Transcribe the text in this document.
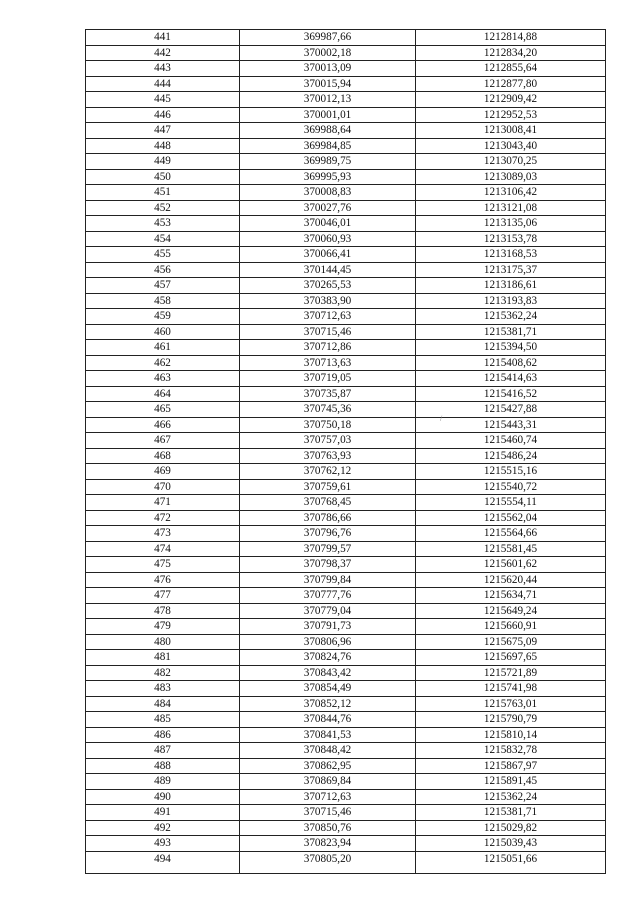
441	369987,66	1212814,88
442	370002,18	1212834,20
443	370013,09	1212855,64
444	370015,94	1212877,80
445	370012,13	1212909,42
446	370001,01	1212952,53
447	369988,64	1213008,41
448	369984,85	1213043,40
449	369989,75	1213070,25
450	369995,93	1213089,03
451	370008,83	1213106,42
452	370027,76	1213121,08
453	370046,01	1213135,06
454	370060,93	1213153,78
455	370066,41	1213168,53
456	370144,45	1213175,37
457	370265,53	1213186,61
458	370383,90	1213193,83
459	370712,63	1215362,24
460	370715,46	1215381,71
461	370712,86	1215394,50
462	370713,63	1215408,62
463	370719,05	1215414,63
464	370735,87	1215416,52
465	370745,36	1215427,88
466	370750,18	1215443,31
467	370757,03	1215460,74
468	370763,93	1215486,24
469	370762,12	1215515,16
470	370759,61	1215540,72
471	370768,45	1215554,11
472	370786,66	1215562,04
473	370796,76	1215564,66
474	370799,57	1215581,45
475	370798,37	1215601,62
476	370799,84	1215620,44
477	370777,76	1215634,71
478	370779,04	1215649,24
479	370791,73	1215660,91
480	370806,96	1215675,09
481	370824,76	1215697,65
482	370843,42	1215721,89
483	370854,49	1215741,98
484	370852,12	1215763,01
485	370844,76	1215790,79
486	370841,53	1215810,14
487	370848,42	1215832,78
488	370862,95	1215867,97
489	370869,84	1215891,45
490	370712,63	1215362,24
491	370715,46	1215381,71
492	370850,76	1215029,82
493	370823,94	1215039,43
494	370805,20	1215051,66
/
